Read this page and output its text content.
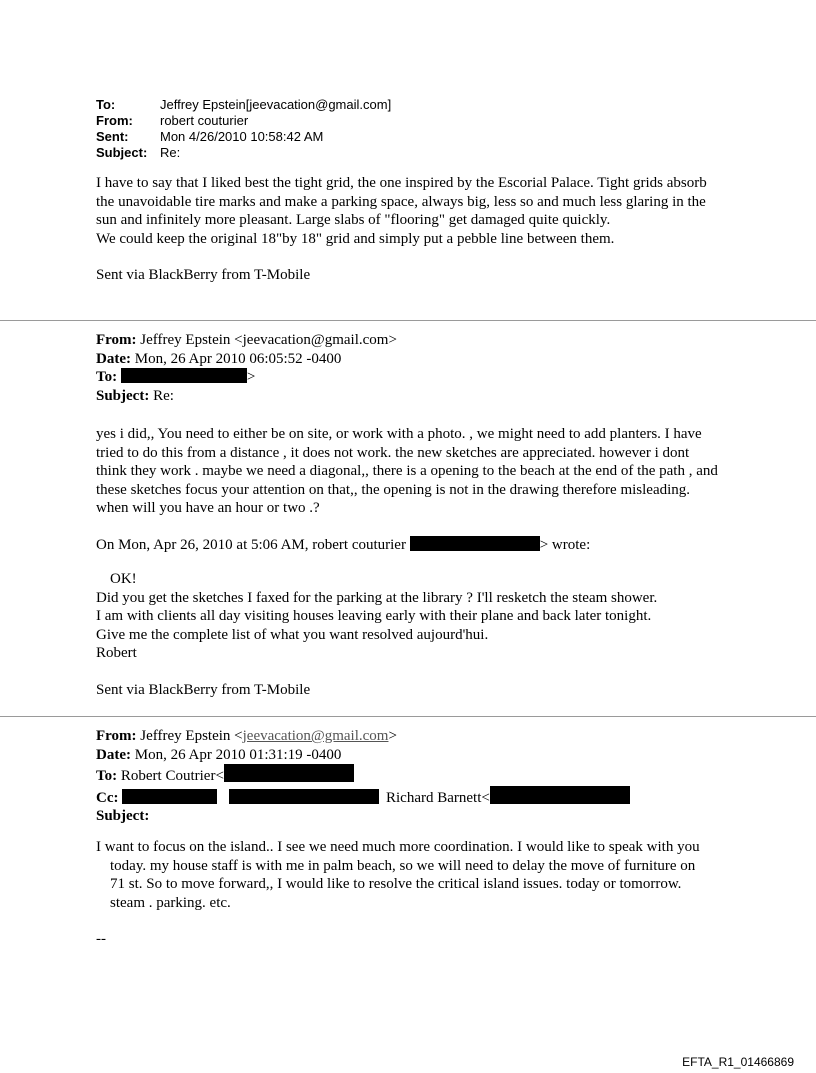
To:	Jeffrey Epstein[jeevacation@gmail.com]
From:	robert couturier
Sent:	Mon 4/26/2010 10:58:42 AM
Subject: Re:

I have to say that I liked best the tight grid, the one inspired by the Escorial Palace. Tight grids absorb the unavoidable tire marks and make a parking space, always big, less so and much less glaring in the sun and infinitely more pleasant. Large slabs of "flooring" get damaged quite quickly.

We could keep the original 18"by 18" grid and simply put a pebble line between them.

Sent via BlackBerry from T-Mobile

From: Jeffrey Epstein <jeevacation@gmail.com>
Date: Mon, 26 Apr 2010 06:05:52 -0400
To:	>
Subject: Re:

yes i did,, You need to either be on site, or work with a photo. , we might need to add planters. I have tried to do this from a distance , it does not work. the new sketches are appreciated. however i dont think they work . maybe we need a diagonal,, there is a opening to the beach at the end of the path , and these sketches focus your attention on that,, the opening is not in the drawing therefore misleading. when will you have an hour or two .?

On Mon, Apr 26, 2010 at 5:06 AM, robert couturier	> wrote:

OK!

Did you get the sketches I faxed for the parking at the library ? I'll resketch the steam shower.

I am with clients all day visiting houses leaving early with their plane and back later tonight.

Give me the complete list of what you want resolved aujourd'hui.

Robert

Sent via BlackBerry from T-Mobile

From: Jeffrey Epstein <jeevacation@gmail.com>
Date: Mon, 26 Apr 2010 01:31:19 -0400
To: Robert Coutrier<
Cc:	Richard Barnett<
Subject:

I want to focus on the island.. I see we need much more coordination. I would like to speak with you today. my house staff is with me in palm beach, so we will need to delay the move of furniture on 71 st. So to move forward,, I would like to resolve the critical island issues. today or tomorrow. steam . parking. etc.

--

EFTA_R1_01466869
